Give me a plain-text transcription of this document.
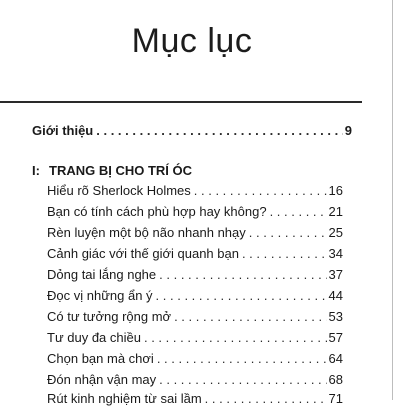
Mục lục
Giới thiệu . . .	9
I: TRANG BỊ CHO TRÍ ÓC
Hiểu rõ Sherlock Holmes . . .	16
Bạn có tính cách phù hợp hay không? . . .	21
Rèn luyện một bộ não nhanh nhạy . . .	25
Cảnh giác với thế giới quanh bạn . . .	34
Dỏng tai lắng nghe . . .	37
Đọc vị những ẩn ý . . .	44
Có tư tưởng rộng mở . . .	53
Tư duy đa chiều . . .	57
Chọn bạn mà chơi . . .	64
Đón nhận vận may . . .	68
Rút kinh nghiệm từ sai lầm . . .	71
